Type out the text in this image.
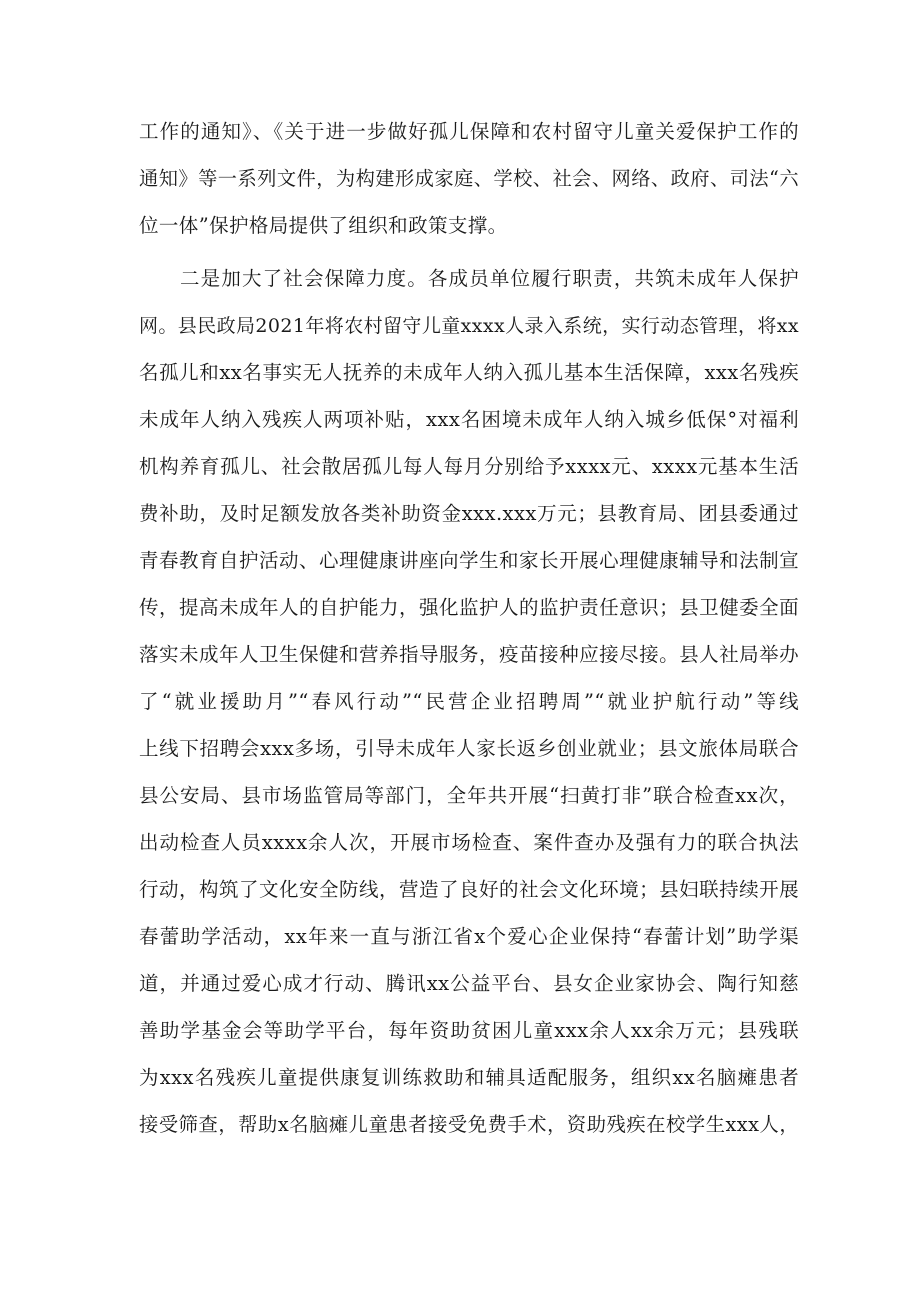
工作的通知》、《关于进一步做好孤儿保障和农村留守儿童关爱保护工作的
通知》等一系列文件，为构建形成家庭、学校、社会、网络、政府、司法“六
位一体”保护格局提供了组织和政策支撑。
二是加大了社会保障力度。各成员单位履行职责，共筑未成年人保护
网。县民政局2021年将农村留守儿童xxxx人录入系统，实行动态管理，将xx
名孤儿和xx名事实无人抚养的未成年人纳入孤儿基本生活保障，xxx名残疾
未成年人纳入残疾人两项补贴，xxx名困境未成年人纳入城乡低保°对福利
机构养育孤儿、社会散居孤儿每人每月分别给予xxxx元、xxxx元基本生活
费补助，及时足额发放各类补助资金xxx.xxx万元；县教育局、团县委通过
青春教育自护活动、心理健康讲座向学生和家长开展心理健康辅导和法制宣
传，提高未成年人的自护能力，强化监护人的监护责任意识；县卫健委全面
落实未成年人卫生保健和营养指导服务，疫苗接种应接尽接。县人社局举办
了“就业援助月”“春风行动”“民营企业招聘周”“就业护航行动”等线
上线下招聘会xxx多场，引导未成年人家长返乡创业就业；县文旅体局联合
县公安局、县市场监管局等部门，全年共开展“扫黄打非”联合检查xx次，
出动检查人员xxxx余人次，开展市场检查、案件查办及强有力的联合执法
行动，构筑了文化安全防线，营造了良好的社会文化环境；县妇联持续开展
春蕾助学活动，xx年来一直与浙江省x个爱心企业保持“春蕾计划”助学渠
道，并通过爱心成才行动、腾讯xx公益平台、县女企业家协会、陶行知慈
善助学基金会等助学平台，每年资助贫困儿童xxx余人xx余万元；县残联
为xxx名残疾儿童提供康复训练救助和辅具适配服务，组织xx名脑瘫患者
接受筛查，帮助x名脑瘫儿童患者接受免费手术，资助残疾在校学生xxx人，
